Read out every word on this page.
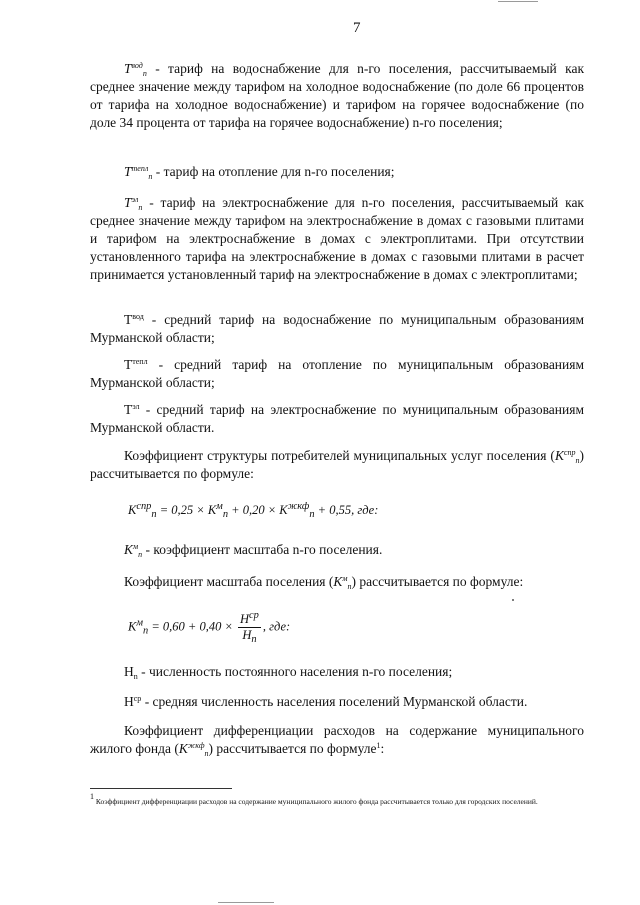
7
$T^{вод}_n$ - тариф на водоснабжение для n-го поселения, рассчитываемый как среднее значение между тарифом на холодное водоснабжение (по доле 66 процентов от тарифа на холодное водоснабжение) и тарифом на горячее водоснабжение (по доле 34 процента от тарифа на горячее водоснабжение) n-го поселения;
$T^{тепл}_n$ - тариф на отопление для n-го поселения;
$T^{эл}_n$ - тариф на электроснабжение для n-го поселения, рассчитываемый как среднее значение между тарифом на электроснабжение в домах с газовыми плитами и тарифом на электроснабжение в домах с электроплитами. При отсутствии установленного тарифа на электроснабжение в домах с газовыми плитами в расчет принимается установленный тариф на электроснабжение в домах с электроплитами;
$T^{вод}$ - средний тариф на водоснабжение по муниципальным образованиям Мурманской области;
$T^{тепл}$ - средний тариф на отопление по муниципальным образованиям Мурманской области;
$T^{эл}$ - средний тариф на электроснабжение по муниципальным образованиям Мурманской области.
Коэффициент структуры потребителей муниципальных услуг поселения $(K^{спр}_n)$ рассчитывается по формуле:
$K^{спр}_n = 0,25 \times K^м_n + 0,20 \times K^{жкф}_n + 0,55$, где:
$K^м_n$ - коэффициент масштаба n-го поселения.
Коэффициент масштаба поселения $(K^м_n)$ рассчитывается по формуле:
$K^м_n = 0,60 + 0,40 \times \frac{H^{ср}}{H_n}$ , где:
$Н_n$ - численность постоянного населения n-го поселения;
$Н^{ср}$ - средняя численность населения поселений Мурманской области.
Коэффициент дифференциации расходов на содержание муниципального жилого фонда $(K^{жкф}_n)$ рассчитывается по формуле$^1$:
$^1$ Коэффициент дифференциации расходов на содержание муниципального жилого фонда рассчитывается только для городских поселений.
